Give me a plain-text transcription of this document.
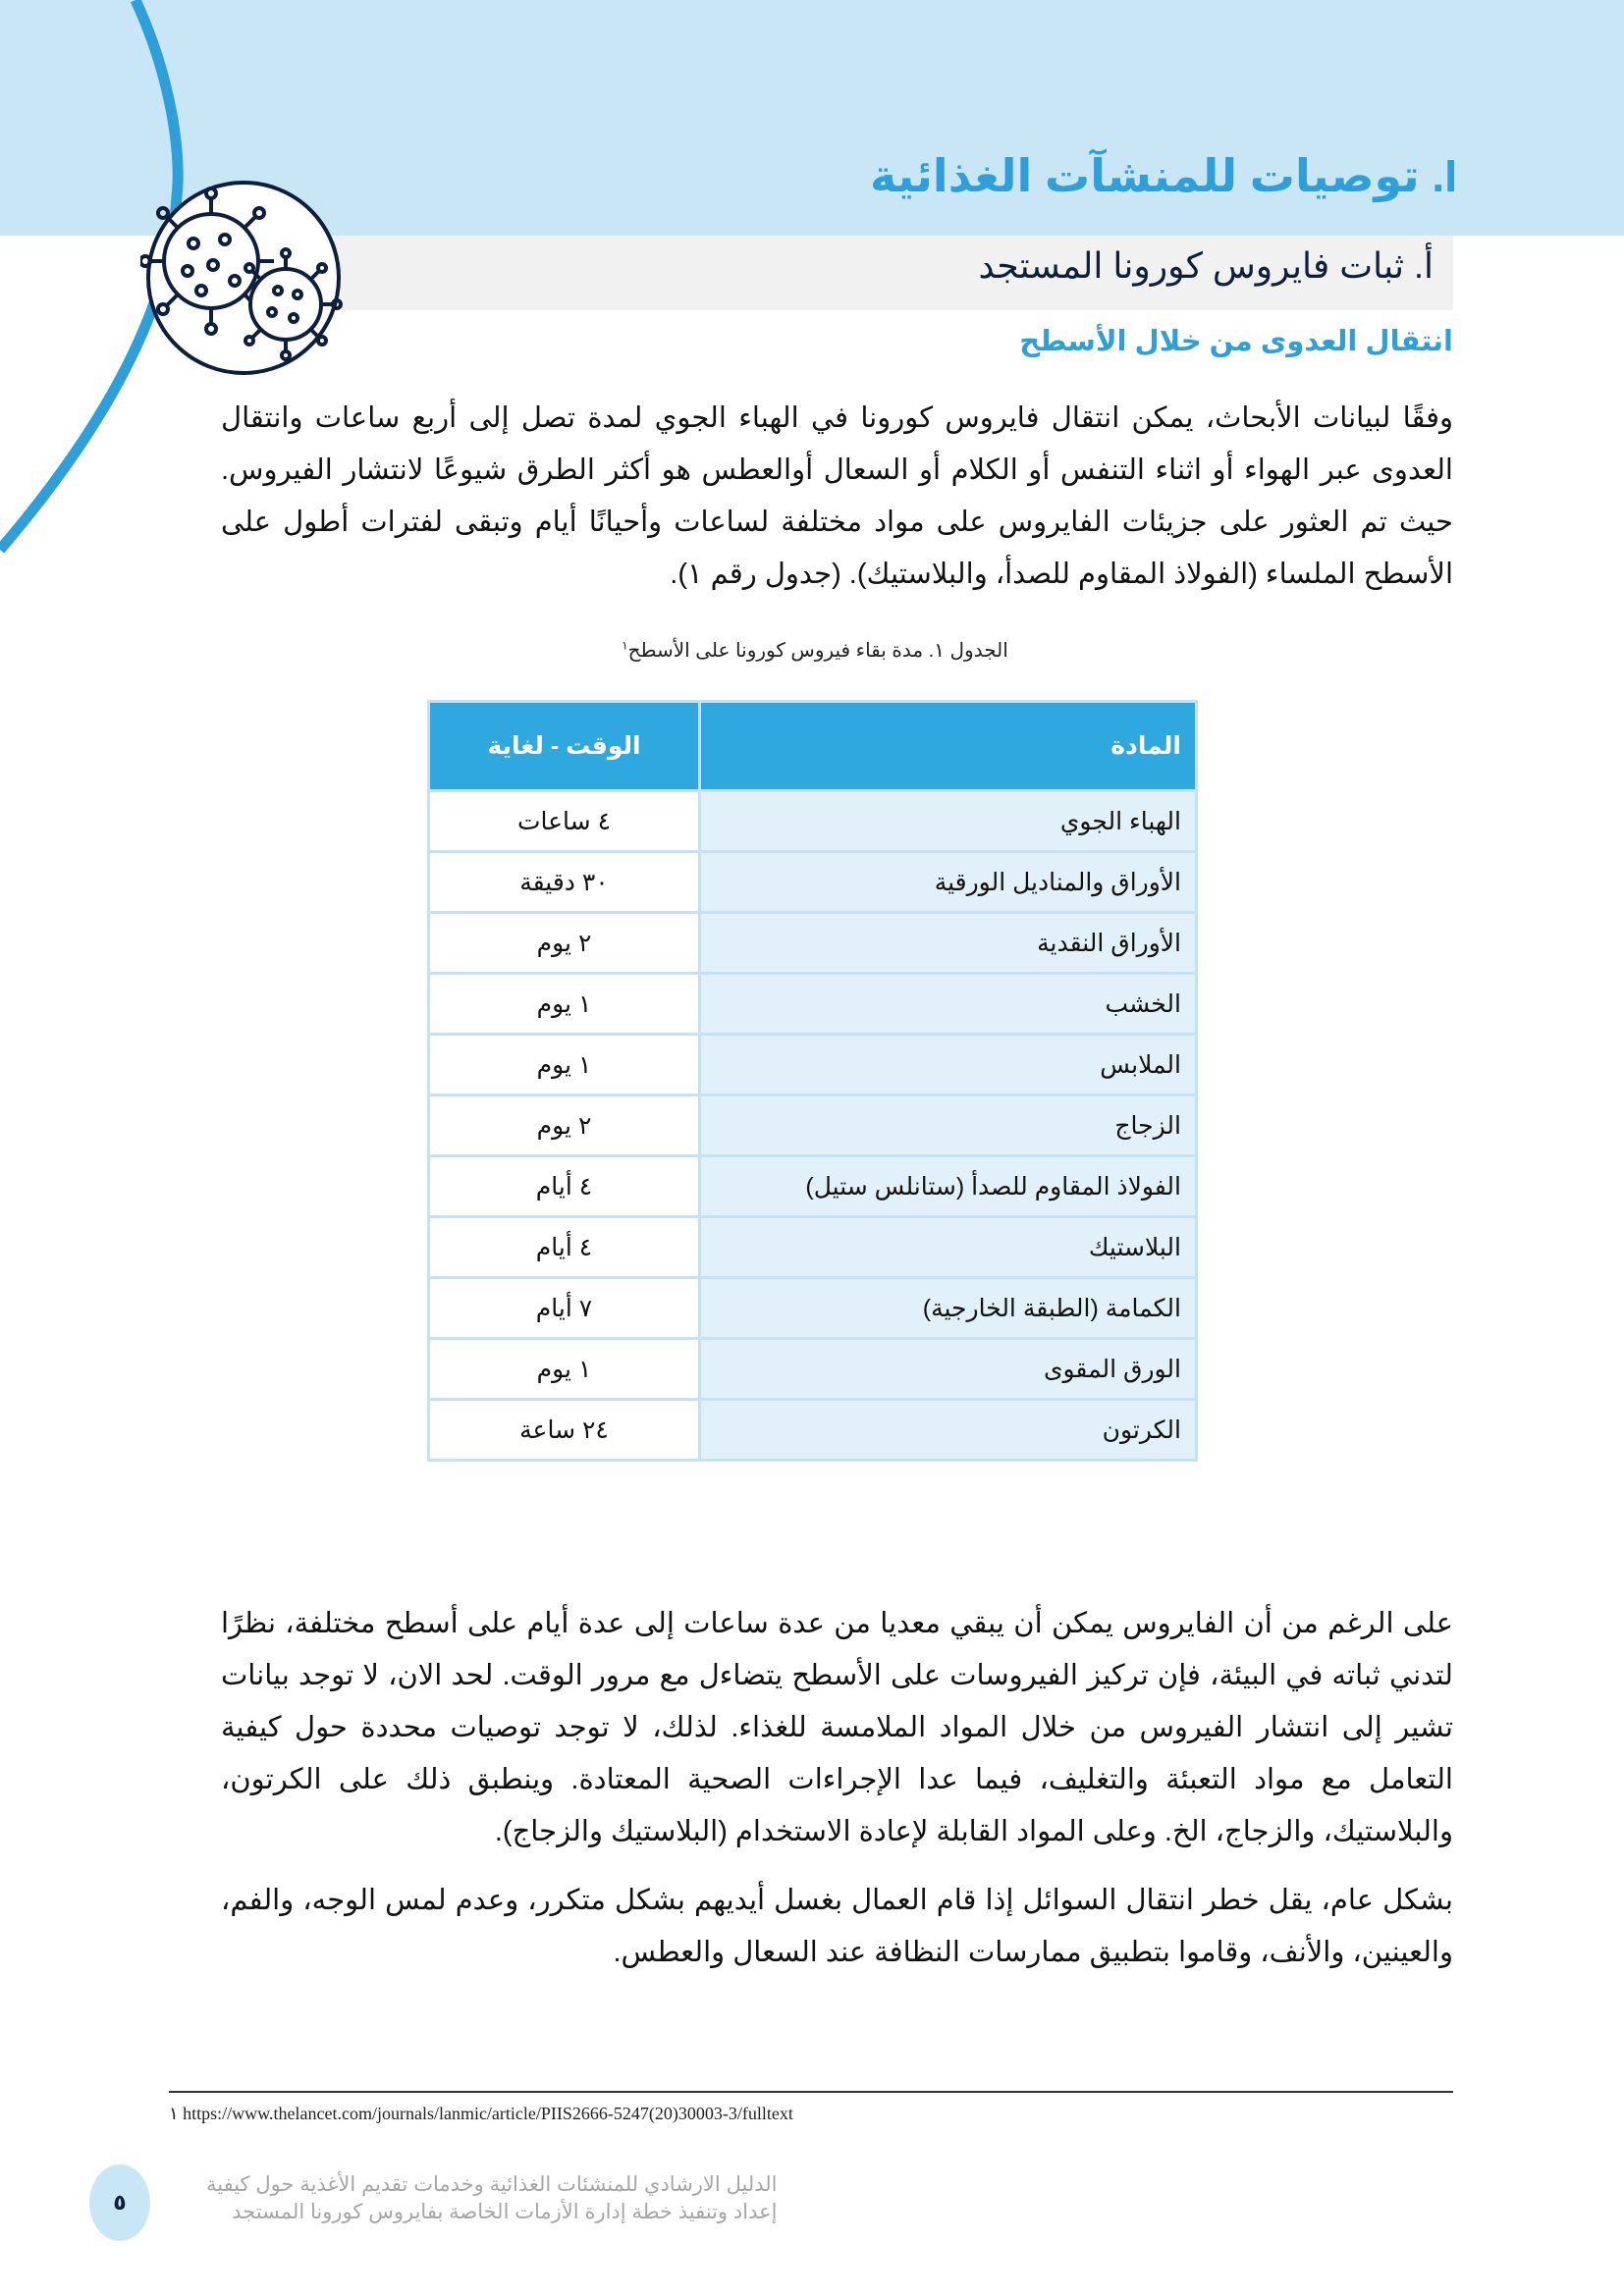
I. توصيات للمنشآت الغذائية
أ. ثبات فايروس كورونا المستجد
انتقال العدوى من خلال الأسطح

وفقًا لبيانات الأبحاث، يمكن انتقال فايروس كورونا في الهباء الجوي لمدة تصل إلى أربع ساعات وانتقال العدوى عبر الهواء أو اثناء التنفس أو الكلام أو السعال أوالعطس هو أكثر الطرق شيوعًا لانتشار الفيروس. حيث تم العثور على جزيئات الفايروس على مواد مختلفة لساعات وأحيانًا أيام وتبقى لفترات أطول على الأسطح الملساء (الفولاذ المقاوم للصدأ، والبلاستيك). (جدول رقم ١).

الجدول ١. مدة بقاء فيروس كورونا على الأسطح$^١$
المادة	الوقت - لغاية
الهباء الجوي	٤ ساعات
الأوراق والمناديل الورقية	٣٠ دقيقة
الأوراق النقدية	٢ يوم
الخشب	١ يوم
الملابس	١ يوم
الزجاج	٢ يوم
الفولاذ المقاوم للصدأ (ستانلس ستيل)	٤ أيام
البلاستيك	٤ أيام
الكمامة (الطبقة الخارجية)	٧ أيام
الورق المقوى	١ يوم
الكرتون	٢٤ ساعة

على الرغم من أن الفايروس يمكن أن يبقي معديا من عدة ساعات إلى عدة أيام على أسطح مختلفة، نظرًا لتدني ثباته في البيئة، فإن تركيز الفيروسات على الأسطح يتضاءل مع مرور الوقت. لحد الان، لا توجد بيانات تشير إلى انتشار الفيروس من خلال المواد الملامسة للغذاء. لذلك، لا توجد توصيات محددة حول كيفية التعامل مع مواد التعبئة والتغليف، فيما عدا الإجراءات الصحية المعتادة. وينطبق ذلك على الكرتون، والبلاستيك، والزجاج، الخ. وعلى المواد القابلة لإعادة الاستخدام (البلاستيك والزجاج).

بشكل عام، يقل خطر انتقال السوائل إذا قام العمال بغسل أيديهم بشكل متكرر، وعدم لمس الوجه، والفم، والعينين، والأنف، وقاموا بتطبيق ممارسات النظافة عند السعال والعطس.

١ https://www.thelancet.com/journals/lanmic/article/PIIS2666-5247(20)30003-3/fulltext
٥
الدليل الارشادي للمنشئات الغذائية وخدمات تقديم الأغذية حول كيفية
إعداد وتنفيذ خطة إدارة الأزمات الخاصة بفايروس كورونا المستجد
